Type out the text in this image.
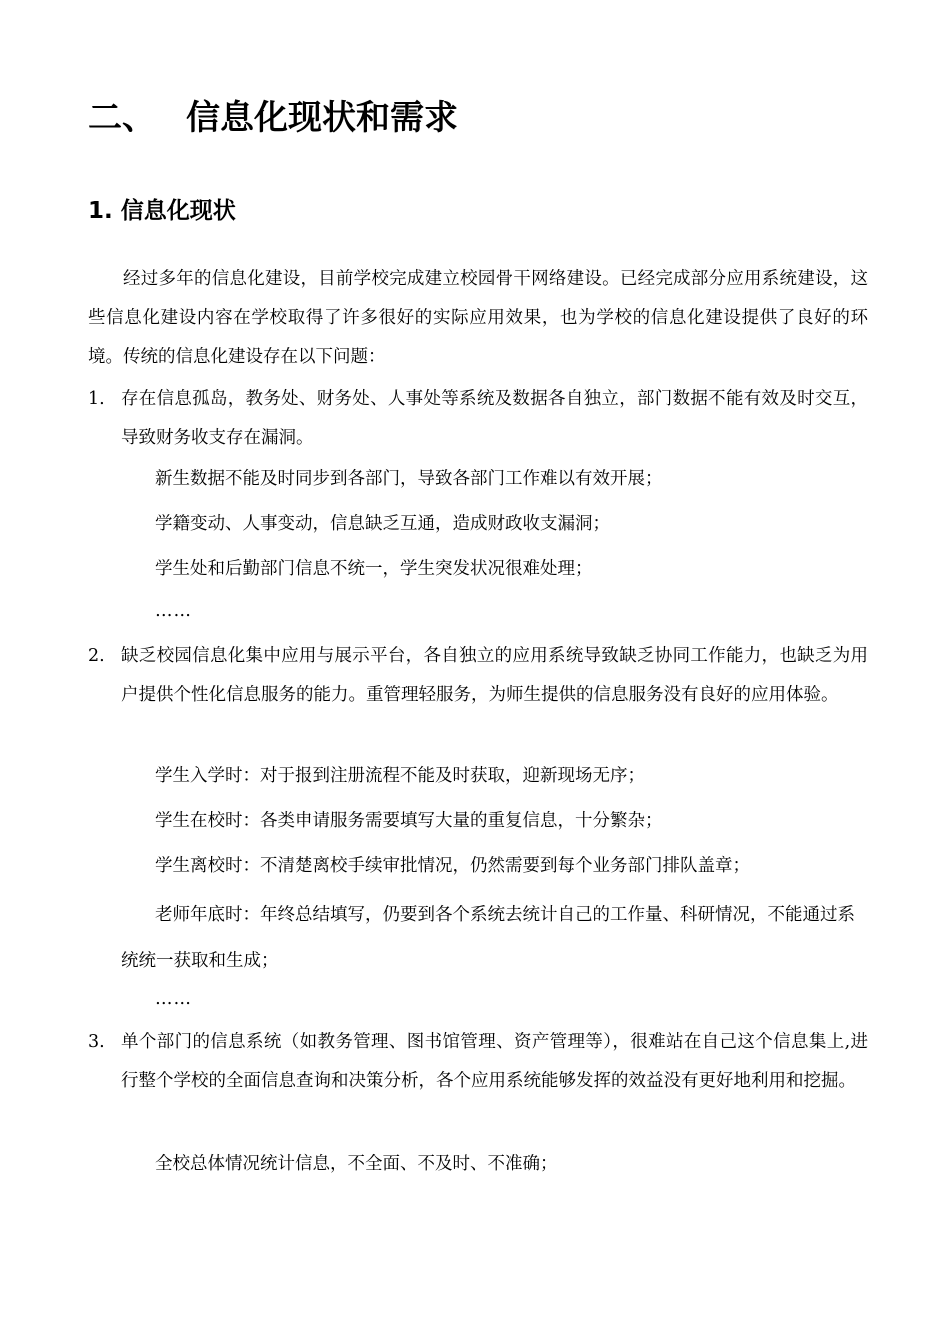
二、 信息化现状和需求
1. 信息化现状
经过多年的信息化建设，目前学校完成建立校园骨干网络建设。已经完成部分应用系统建设，这些信息化建设内容在学校取得了许多很好的实际应用效果，也为学校的信息化建设提供了良好的环境。传统的信息化建设存在以下问题：
1. 存在信息孤岛，教务处、财务处、人事处等系统及数据各自独立，部门数据不能有效及时交互，导致财务收支存在漏洞。
新生数据不能及时同步到各部门，导致各部门工作难以有效开展；
学籍变动、人事变动，信息缺乏互通，造成财政收支漏洞；
学生处和后勤部门信息不统一，学生突发状况很难处理；
……
2. 缺乏校园信息化集中应用与展示平台，各自独立的应用系统导致缺乏协同工作能力，也缺乏为用户提供个性化信息服务的能力。重管理轻服务，为师生提供的信息服务没有良好的应用体验。
学生入学时：对于报到注册流程不能及时获取，迎新现场无序；
学生在校时：各类申请服务需要填写大量的重复信息，十分繁杂；
学生离校时：不清楚离校手续审批情况，仍然需要到每个业务部门排队盖章；
老师年底时：年终总结填写，仍要到各个系统去统计自己的工作量、科研情况，不能通过系统统一获取和生成；
……
3. 单个部门的信息系统（如教务管理、图书馆管理、资产管理等），很难站在自己这个信息集上,进行整个学校的全面信息查询和决策分析，各个应用系统能够发挥的效益没有更好地利用和挖掘。
全校总体情况统计信息，不全面、不及时、不准确；
